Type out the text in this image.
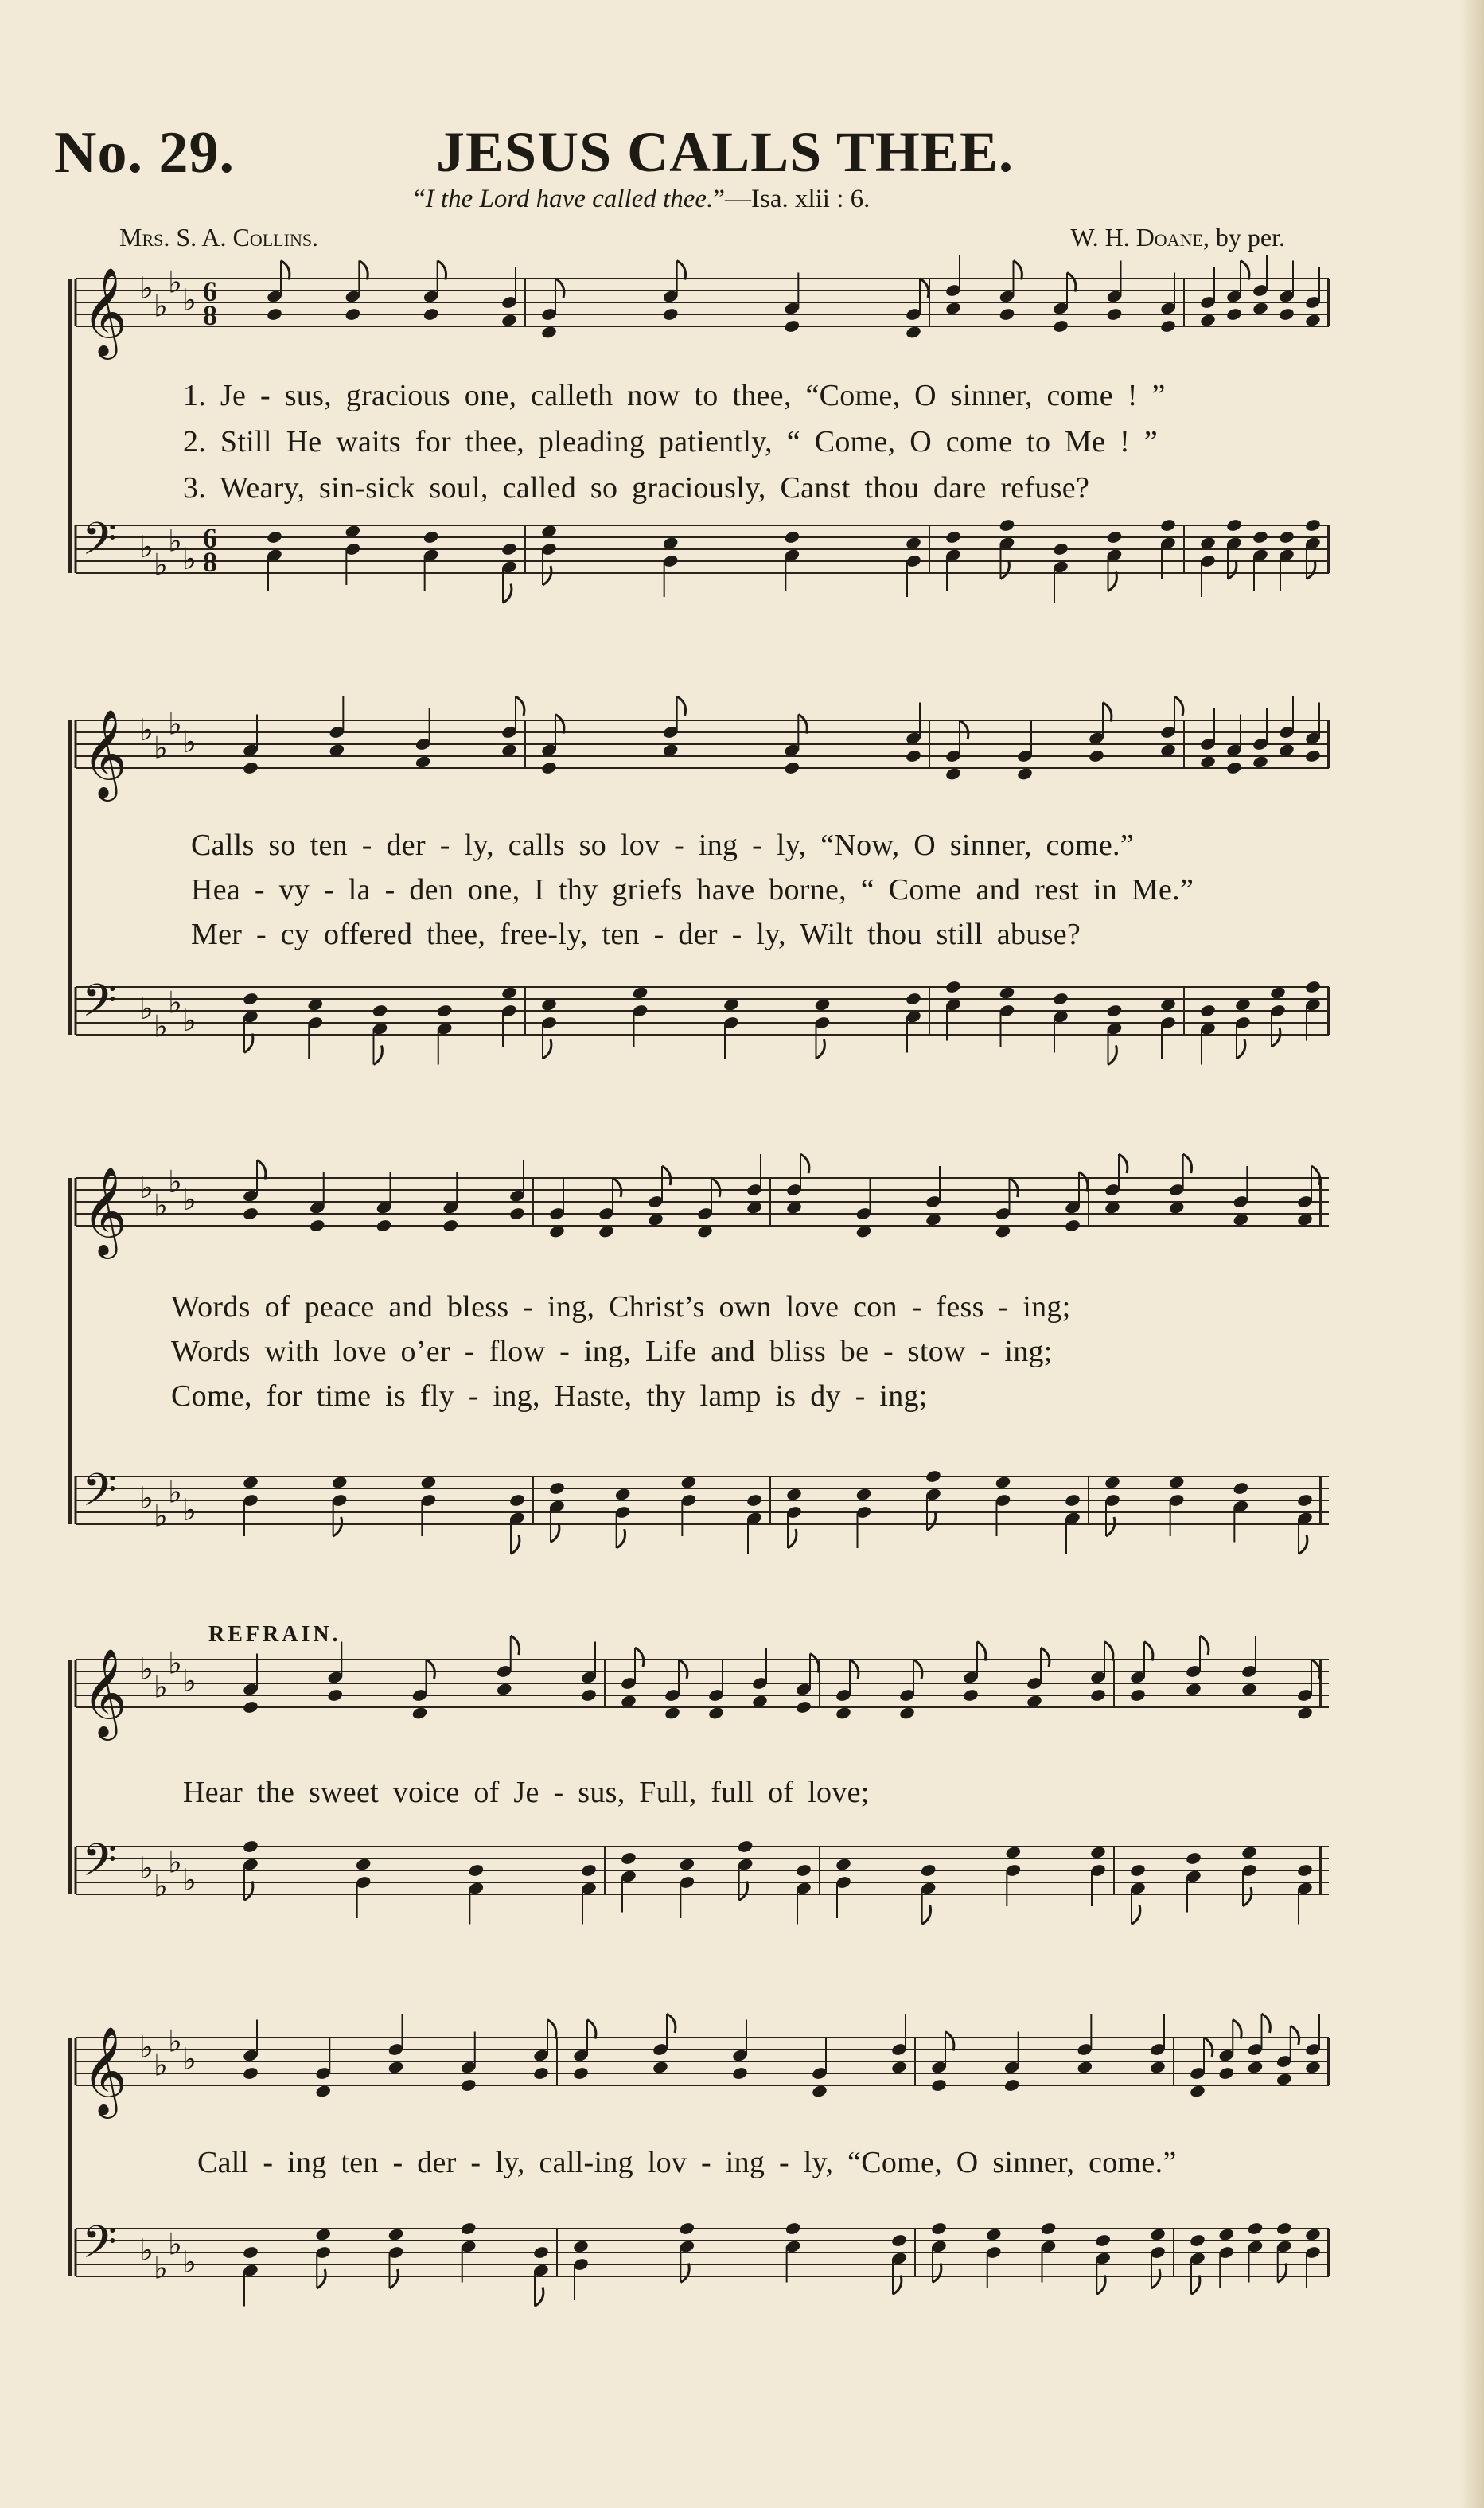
No. 29.	JESUS CALLS THEE.
“I the Lord have called thee.”—Isa. xlii : 6.
Mrs. S. A. Collins.	W. H. Doane, by per.
REFRAIN.
𝄞 ♭
♭
♭
♭ 6
8
𝄢 ♭
♭
♭
♭
6
8
𝄞 ♭
♭
♭
♭
𝄢 ♭
♭
♭
♭
𝄞 ♭
♭
♭
♭
𝄢 ♭
♭
♭
♭
𝄞 ♭
♭
♭
♭
𝄢 ♭
♭
♭
♭
𝄞 ♭
♭
♭
♭
𝄢 ♭
♭
♭
♭
1. Je - sus, gracious one, calleth now to thee, “Come, O sinner, come ! ”
2. Still He waits for thee, pleading patiently, “ Come, O come to Me ! ”
3. Weary, sin-sick soul, called so graciously, Canst thou dare refuse?
Calls so ten - der - ly, calls so lov - ing - ly, “Now, O sinner, come.”
Hea - vy - la - den one, I thy griefs have borne, “ Come and rest in Me.”
Mer - cy offered thee, free-ly, ten - der - ly, Wilt thou still abuse?
Words of peace and bless - ing, Christ’s own love con - fess - ing;
Words with love o’er - flow - ing, Life and bliss be - stow - ing;
Come, for time is fly - ing, Haste, thy lamp is dy - ing;
Hear the sweet voice of Je - sus, Full, full of love;
Call - ing ten - der - ly, call-ing lov - ing - ly, “Come, O sinner, come.”
